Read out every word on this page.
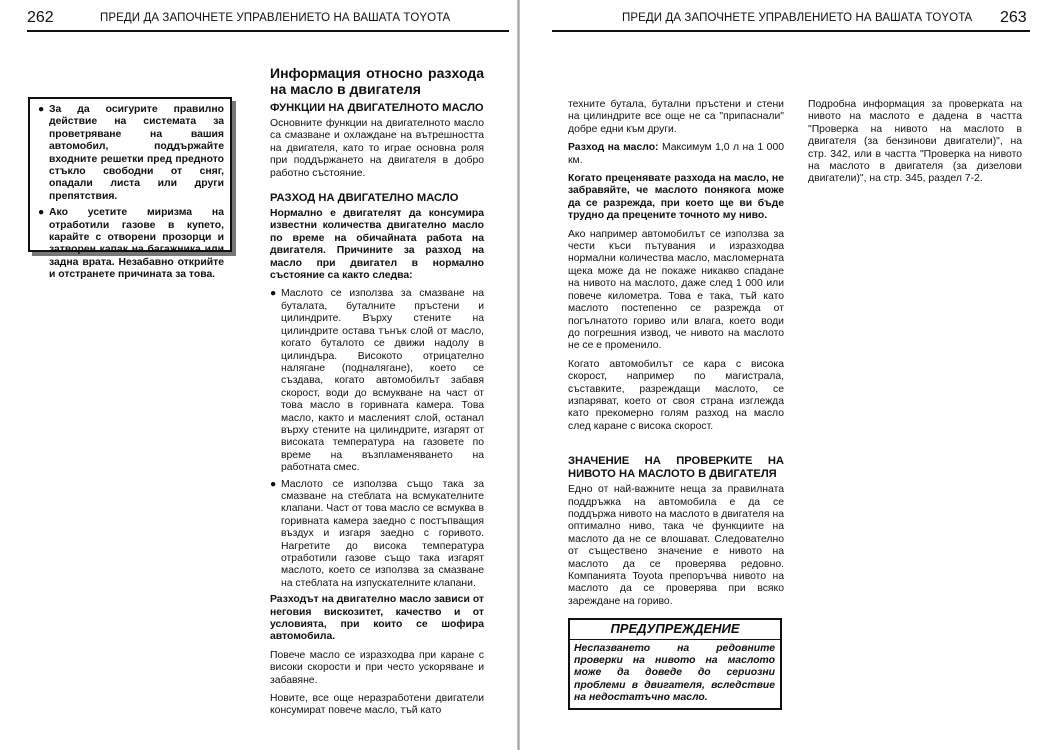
262	ПРЕДИ ДА ЗАПОЧНЕТЕ УПРАВЛЕНИЕТО НА ВАШАТА TOYOTA
● За да осигурите правилно действие на системата за проветряване на вашия автомобил, поддържайте входните решетки пред предното стъкло свободни от сняг, опадали листа или други препятствия.
● Ако усетите миризма на отработили газове в купето, карайте с отворени прозорци и затворен капак на багажника или задна врата. Незабавно открийте и отстранете причината за това.
Информация относно разхода на масло в двигателя
ФУНКЦИИ НА ДВИГАТЕЛНОТО МАСЛО

Основните функции на двигателното масло са смазване и охлаждане на вътрешността на двигателя, като то играе основна роля при поддържането на двигателя в добро работно състояние.

РАЗХОД НА ДВИГАТЕЛНО МАСЛО

Нормално е двигателят да консумира известни количества двигателно масло по време на обичайната работа на двигателя. Причините за разход на масло при двигател в нормално състояние са както следва:

● Маслото се използва за смазване на буталата, буталните пръстени и цилиндрите. Върху стените на цилиндрите остава тънък слой от масло, когато буталото се движи надолу в цилиндъра. Високото отрицателно налягане (подналягане), което се създава, когато автомобилът забавя скорост, води до всмукване на част от това масло в горивната камера. Това масло, както и масленият слой, останал върху стените на цилиндрите, изгарят от високата температура на газовете по време на възпламеняването на работната смес.
● Маслото се използва също така за смазване на стеблата на всмукателните клапани. Част от това масло се всмуква в горивната камера заедно с постъпващия въздух и изгаря заедно с горивото. Нагретите до висока температура отработили газове също така изгарят маслото, което се използва за смазване на стеблата на изпускателните клапани.

Разходът на двигателно масло зависи от неговия вискозитет, качество и от условията, при които се шофира автомобила.

Повече масло се изразходва при каране с високи скорости и при често ускоряване и забавяне.

Новите, все още неразработени двигатели консумират повече масло, тъй като

ПРЕДИ ДА ЗАПОЧНЕТЕ УПРАВЛЕНИЕТО НА ВАШАТА TOYOTA 263

техните бутала, бутални пръстени и стени на цилиндрите все още не са "припаснали" добре едни към други.

Разход на масло: Максимум 1,0 л на 1 000 км.

Когато преценявате разхода на масло, не забравяйте, че маслото понякога може да се разрежда, при което ще ви бъде трудно да прецените точното му ниво.

Ако например автомобилът се използва за чести къси пътувания и изразходва нормални количества масло, масломерната щека може да не покаже никакво спадане на нивото на маслото, даже след 1 000 или повече километра. Това е така, тъй като маслото постепенно се разрежда от погълнатото гориво или влага, което води до погрешния извод, че нивото на маслото не се е променило.

Когато автомобилът се кара с висока скорост, например по магистрала, съставките, разреждащи маслото, се изпаряват, което от своя страна изглежда като прекомерно голям разход на масло след каране с висока скорост.

ЗНАЧЕНИЕ НА ПРОВЕРКИТЕ НА НИВОТО НА МАСЛОТО В ДВИГАТЕЛЯ

Едно от най-важните неща за правилната поддръжка на автомобила е да се поддържа нивото на маслото в двигателя на оптимално ниво, така че функциите на маслото да не се влошават. Следователно от съществено значение е нивото на маслото да се проверява редовно. Компанията Toyota препоръчва нивото на маслото да се проверява при всяко зареждане на гориво.

ПРЕДУПРЕЖДЕНИЕ
Неспазването на редовните проверки на нивото на маслото може да доведе до сериозни проблеми в двигателя, вследствие на недостатъчно масло.

Подробна информация за проверката на нивото на маслото е дадена в частта "Проверка на нивото на маслото в двигателя (за бензинови двигатели)", на стр. 342, или в частта "Проверка на нивото на маслото в двигателя (за дизелови двигатели)", на стр. 345, раздел 7-2.
